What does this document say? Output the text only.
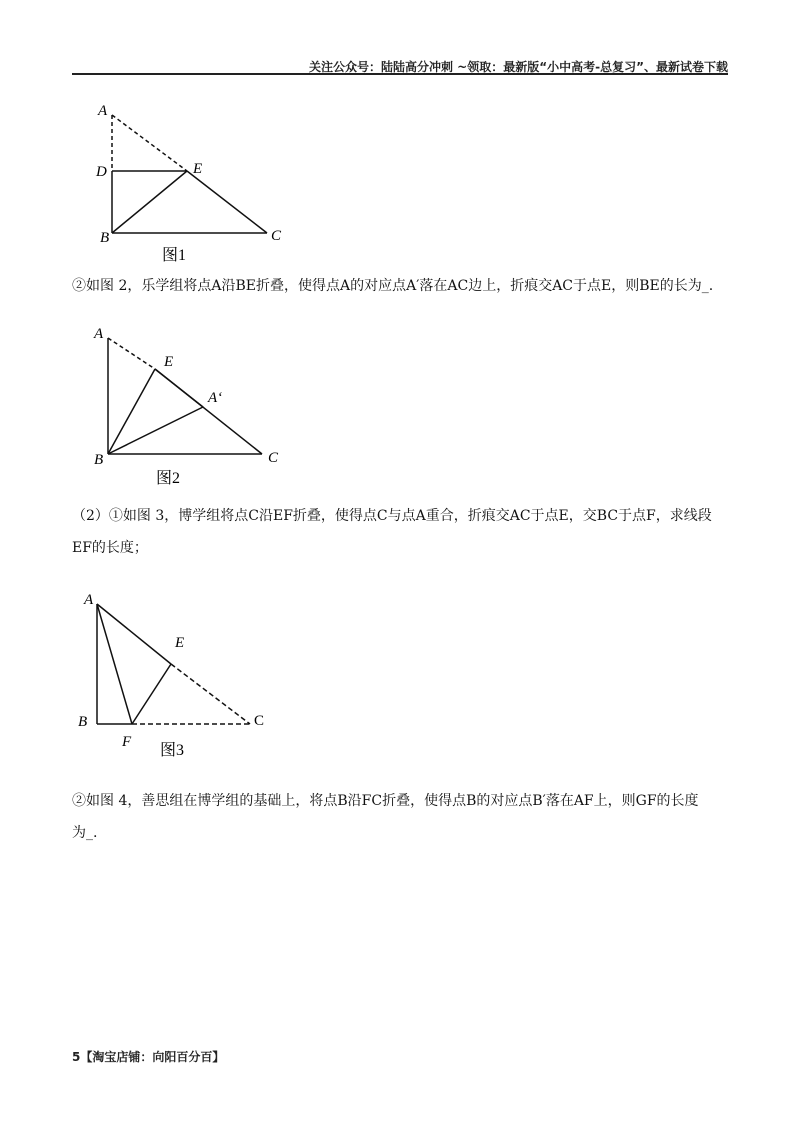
关注公众号：陆陆高分冲刺 ~领取：最新版“小中高考-总复习”、最新试卷下载
A
D	E
B	C
图1
②如图 2，乐学组将点A沿BE折叠，使得点A的对应点A′落在AC边上，折痕交AC于点E，则BE的长为_.
A
E
A‘
B	C
图2
（2）①如图 3，博学组将点C沿EF折叠，使得点C与点A重合，折痕交AC于点E，交BC于点F，求线段
EF的长度；
A
E
B
F
C
图3
②如图 4，善思组在博学组的基础上，将点B沿FC折叠，使得点B的对应点B′落在AF上，则GF的长度
为_.
5【淘宝店铺：向阳百分百】
